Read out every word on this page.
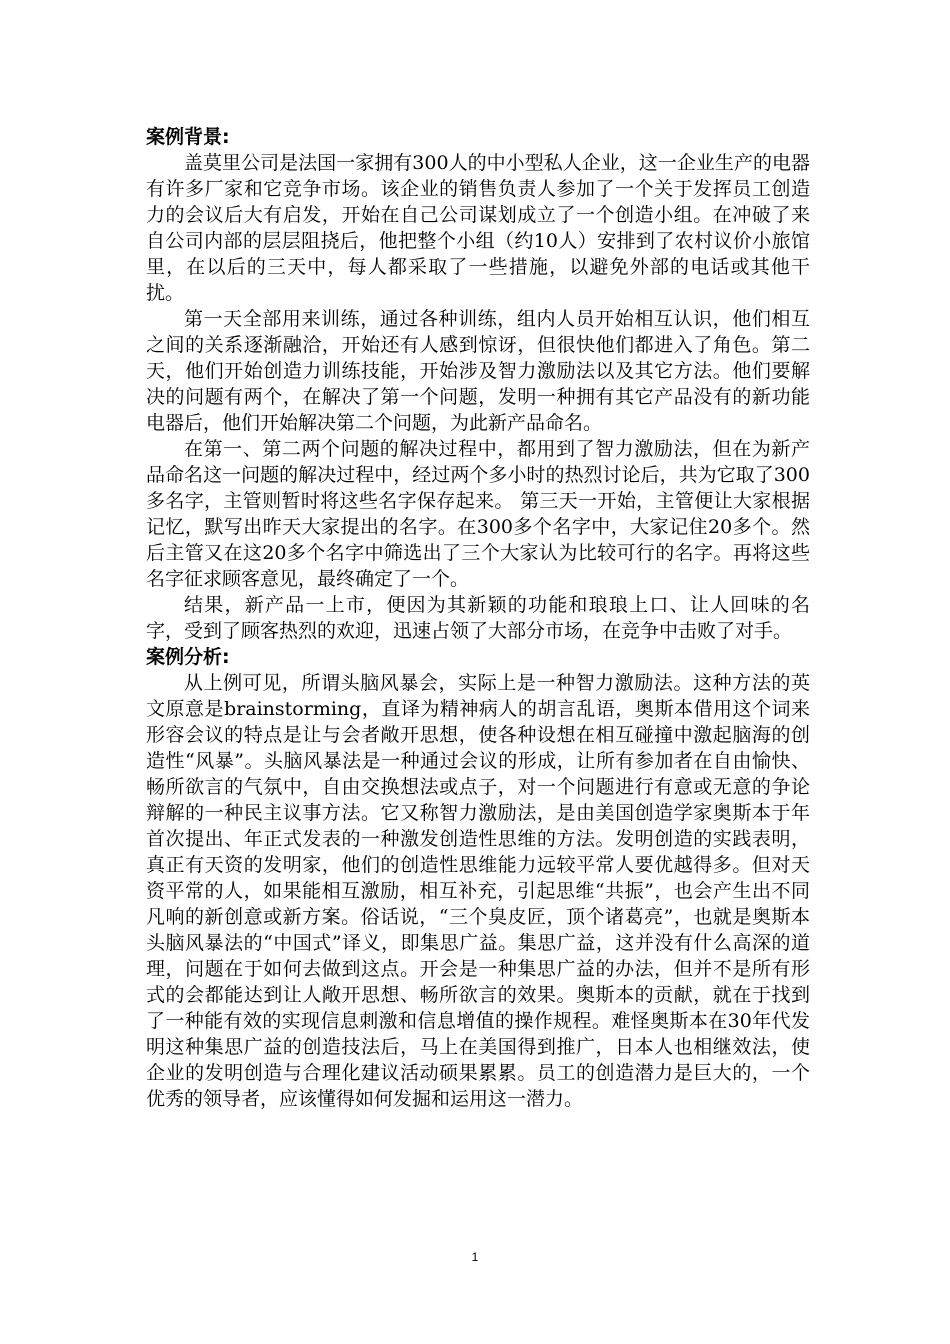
案例背景:

盖莫里公司是法国一家拥有300人的中小型私人企业，这一企业生产的电器有许多厂家和它竞争市场。该企业的销售负责人参加了一个关于发挥员工创造力的会议后大有启发，开始在自己公司谋划成立了一个创造小组。在冲破了来自公司内部的层层阻挠后，他把整个小组（约10人）安排到了农村议价小旅馆里，在以后的三天中，每人都采取了一些措施，以避免外部的电话或其他干扰。

第一天全部用来训练，通过各种训练，组内人员开始相互认识，他们相互之间的关系逐渐融洽，开始还有人感到惊讶，但很快他们都进入了角色。第二天，他们开始创造力训练技能，开始涉及智力激励法以及其它方法。他们要解决的问题有两个，在解决了第一个问题，发明一种拥有其它产品没有的新功能电器后，他们开始解决第二个问题，为此新产品命名。

在第一、第二两个问题的解决过程中，都用到了智力激励法，但在为新产品命名这一问题的解决过程中，经过两个多小时的热烈讨论后，共为它取了300多名字，主管则暂时将这些名字保存起来。 第三天一开始，主管便让大家根据记忆，默写出昨天大家提出的名字。在300多个名字中，大家记住20多个。然后主管又在这20多个名字中筛选出了三个大家认为比较可行的名字。再将这些名字征求顾客意见，最终确定了一个。

结果，新产品一上市，便因为其新颖的功能和琅琅上口、让人回味的名字，受到了顾客热烈的欢迎，迅速占领了大部分市场，在竞争中击败了对手。

案例分析:

从上例可见，所谓头脑风暴会，实际上是一种智力激励法。这种方法的英文原意是brainstorming，直译为精神病人的胡言乱语，奥斯本借用这个词来形容会议的特点是让与会者敞开思想，使各种设想在相互碰撞中激起脑海的创造性“风暴”。头脑风暴法是一种通过会议的形成，让所有参加者在自由愉快、畅所欲言的气氛中，自由交换想法或点子，对一个问题进行有意或无意的争论辩解的一种民主议事方法。它又称智力激励法，是由美国创造学家奥斯本于年首次提出、年正式发表的一种激发创造性思维的方法。发明创造的实践表明，真正有天资的发明家，他们的创造性思维能力远较平常人要优越得多。但对天资平常的人，如果能相互激励，相互补充，引起思维“共振”，也会产生出不同凡响的新创意或新方案。俗话说，“三个臭皮匠，顶个诸葛亮”，也就是奥斯本头脑风暴法的“中国式”译义，即集思广益。集思广益，这并没有什么高深的道理，问题在于如何去做到这点。开会是一种集思广益的办法，但并不是所有形式的会都能达到让人敞开思想、畅所欲言的效果。奥斯本的贡献，就在于找到了一种能有效的实现信息刺激和信息增值的操作规程。难怪奥斯本在30年代发明这种集思广益的创造技法后，马上在美国得到推广，日本人也相继效法，使企业的发明创造与合理化建议活动硕果累累。员工的创造潜力是巨大的，一个优秀的领导者，应该懂得如何发掘和运用这一潜力。

1
